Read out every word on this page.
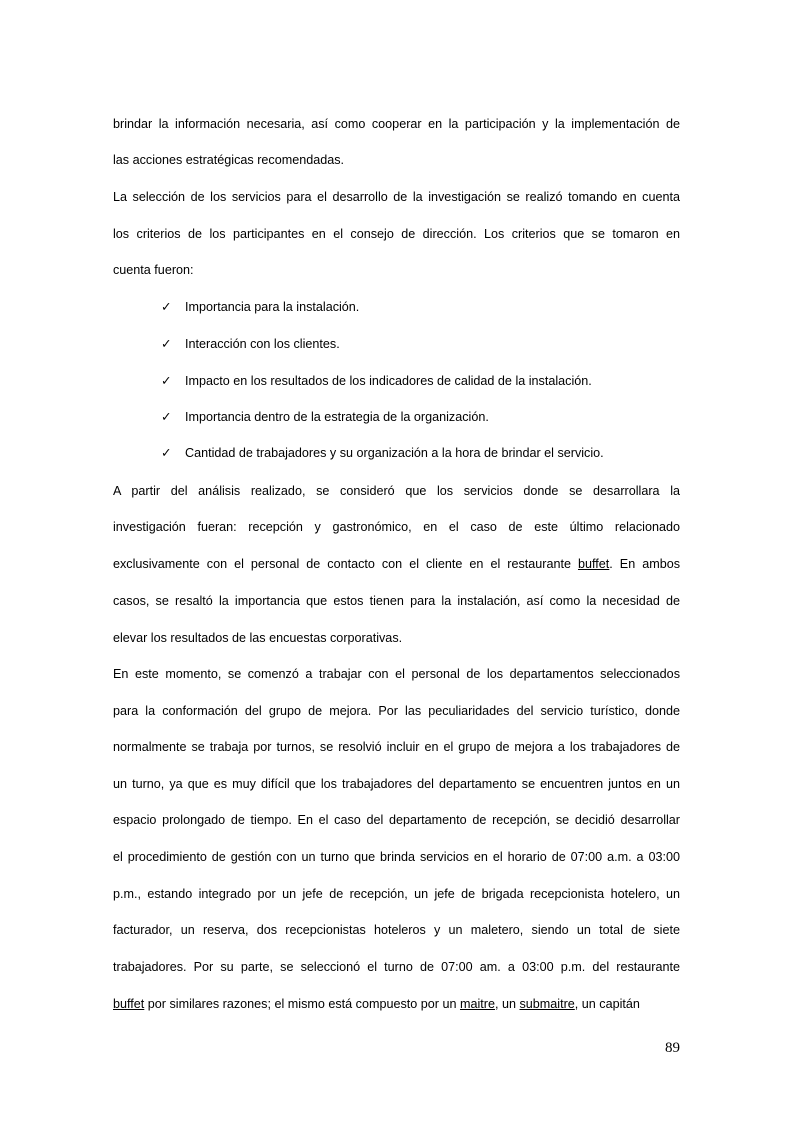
brindar la información necesaria, así como cooperar en la participación y la implementación de
las acciones estratégicas recomendadas.
La selección de los servicios para el desarrollo de la investigación se realizó tomando en cuenta
los criterios de los participantes en el consejo de dirección. Los criterios que se tomaron en
cuenta fueron:
✓ Importancia para la instalación.
✓ Interacción con los clientes.
✓ Impacto en los resultados de los indicadores de calidad de la instalación.
✓ Importancia dentro de la estrategia de la organización.
✓ Cantidad de trabajadores y su organización a la hora de brindar el servicio.
A partir del análisis realizado, se consideró que los servicios donde se desarrollara la
investigación fueran: recepción y gastronómico, en el caso de este último relacionado
exclusivamente con el personal de contacto con el cliente en el restaurante buffet. En ambos
casos, se resaltó la importancia que estos tienen para la instalación, así como la necesidad de
elevar los resultados de las encuestas corporativas.
En este momento, se comenzó a trabajar con el personal de los departamentos seleccionados
para la conformación del grupo de mejora. Por las peculiaridades del servicio turístico, donde
normalmente se trabaja por turnos, se resolvió incluir en el grupo de mejora a los trabajadores de
un turno, ya que es muy difícil que los trabajadores del departamento se encuentren juntos en un
espacio prolongado de tiempo. En el caso del departamento de recepción, se decidió desarrollar
el procedimiento de gestión con un turno que brinda servicios en el horario de 07:00 a.m. a 03:00
p.m., estando integrado por un jefe de recepción, un jefe de brigada recepcionista hotelero, un
facturador, un reserva, dos recepcionistas hoteleros y un maletero, siendo un total de siete
trabajadores. Por su parte, se seleccionó el turno de 07:00 am. a 03:00 p.m. del restaurante
buffet por similares razones; el mismo está compuesto por un maitre, un submaitre, un capitán
89
